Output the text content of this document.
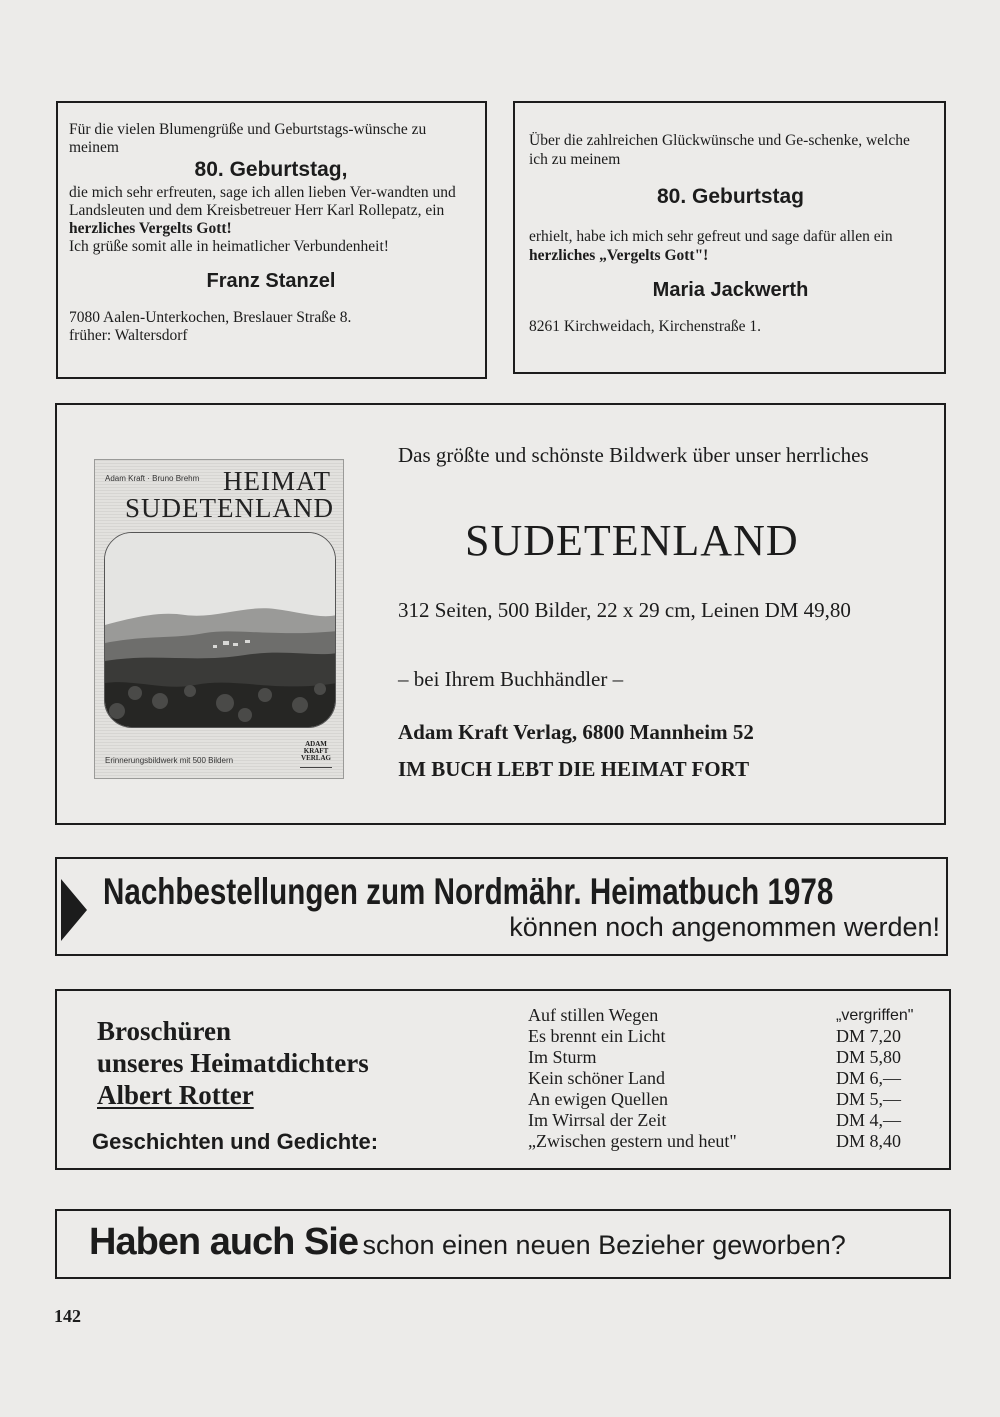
Für die vielen Blumengrüße und Geburtstags-wünsche zu meinem

80. Geburtstag,

die mich sehr erfreuten, sage ich allen lieben Ver-wandten und Landsleuten und dem Kreisbetreuer Herr Karl Rollepatz, ein herzliches Vergelts Gott!
Ich grüße somit alle in heimatlicher Verbundenheit!

Franz Stanzel

7080 Aalen-Unterkochen, Breslauer Straße 8.
früher: Waltersdorf

Über die zahlreichen Glückwünsche und Ge-schenke, welche ich zu meinem

80. Geburtstag

erhielt, habe ich mich sehr gefreut und sage dafür allen ein herzliches „Vergelts Gott"!

Maria Jackwerth

8261 Kirchweidach, Kirchenstraße 1.

Adam Kraft · Bruno Brehm HEIMAT
SUDETENLAND
Erinnerungsbildwerk mit 500 Bildern
ADAM
KRAFT
VERLAG

Das größte und schönste Bildwerk über unser herrliches

SUDETENLAND

312 Seiten, 500 Bilder, 22 x 29 cm, Leinen DM 49,80

– bei Ihrem Buchhändler –

Adam Kraft Verlag, 6800 Mannheim 52

IM BUCH LEBT DIE HEIMAT FORT

Nachbestellungen zum Nordmähr. Heimatbuch 1978

können noch angenommen werden!

Broschüren
unseres Heimatdichters
Albert Rotter

Geschichten und Gedichte:

Auf stillen Wegen	„vergriffen"
Es brennt ein Licht	DM 7,20
Im Sturm	DM 5,80
Kein schöner Land	DM 6,—
An ewigen Quellen	DM 5,—
Im Wirrsal der Zeit	DM 4,—
„Zwischen gestern und heut"	DM 8,40

Haben auch Sie schon einen neuen Bezieher geworben?

142
